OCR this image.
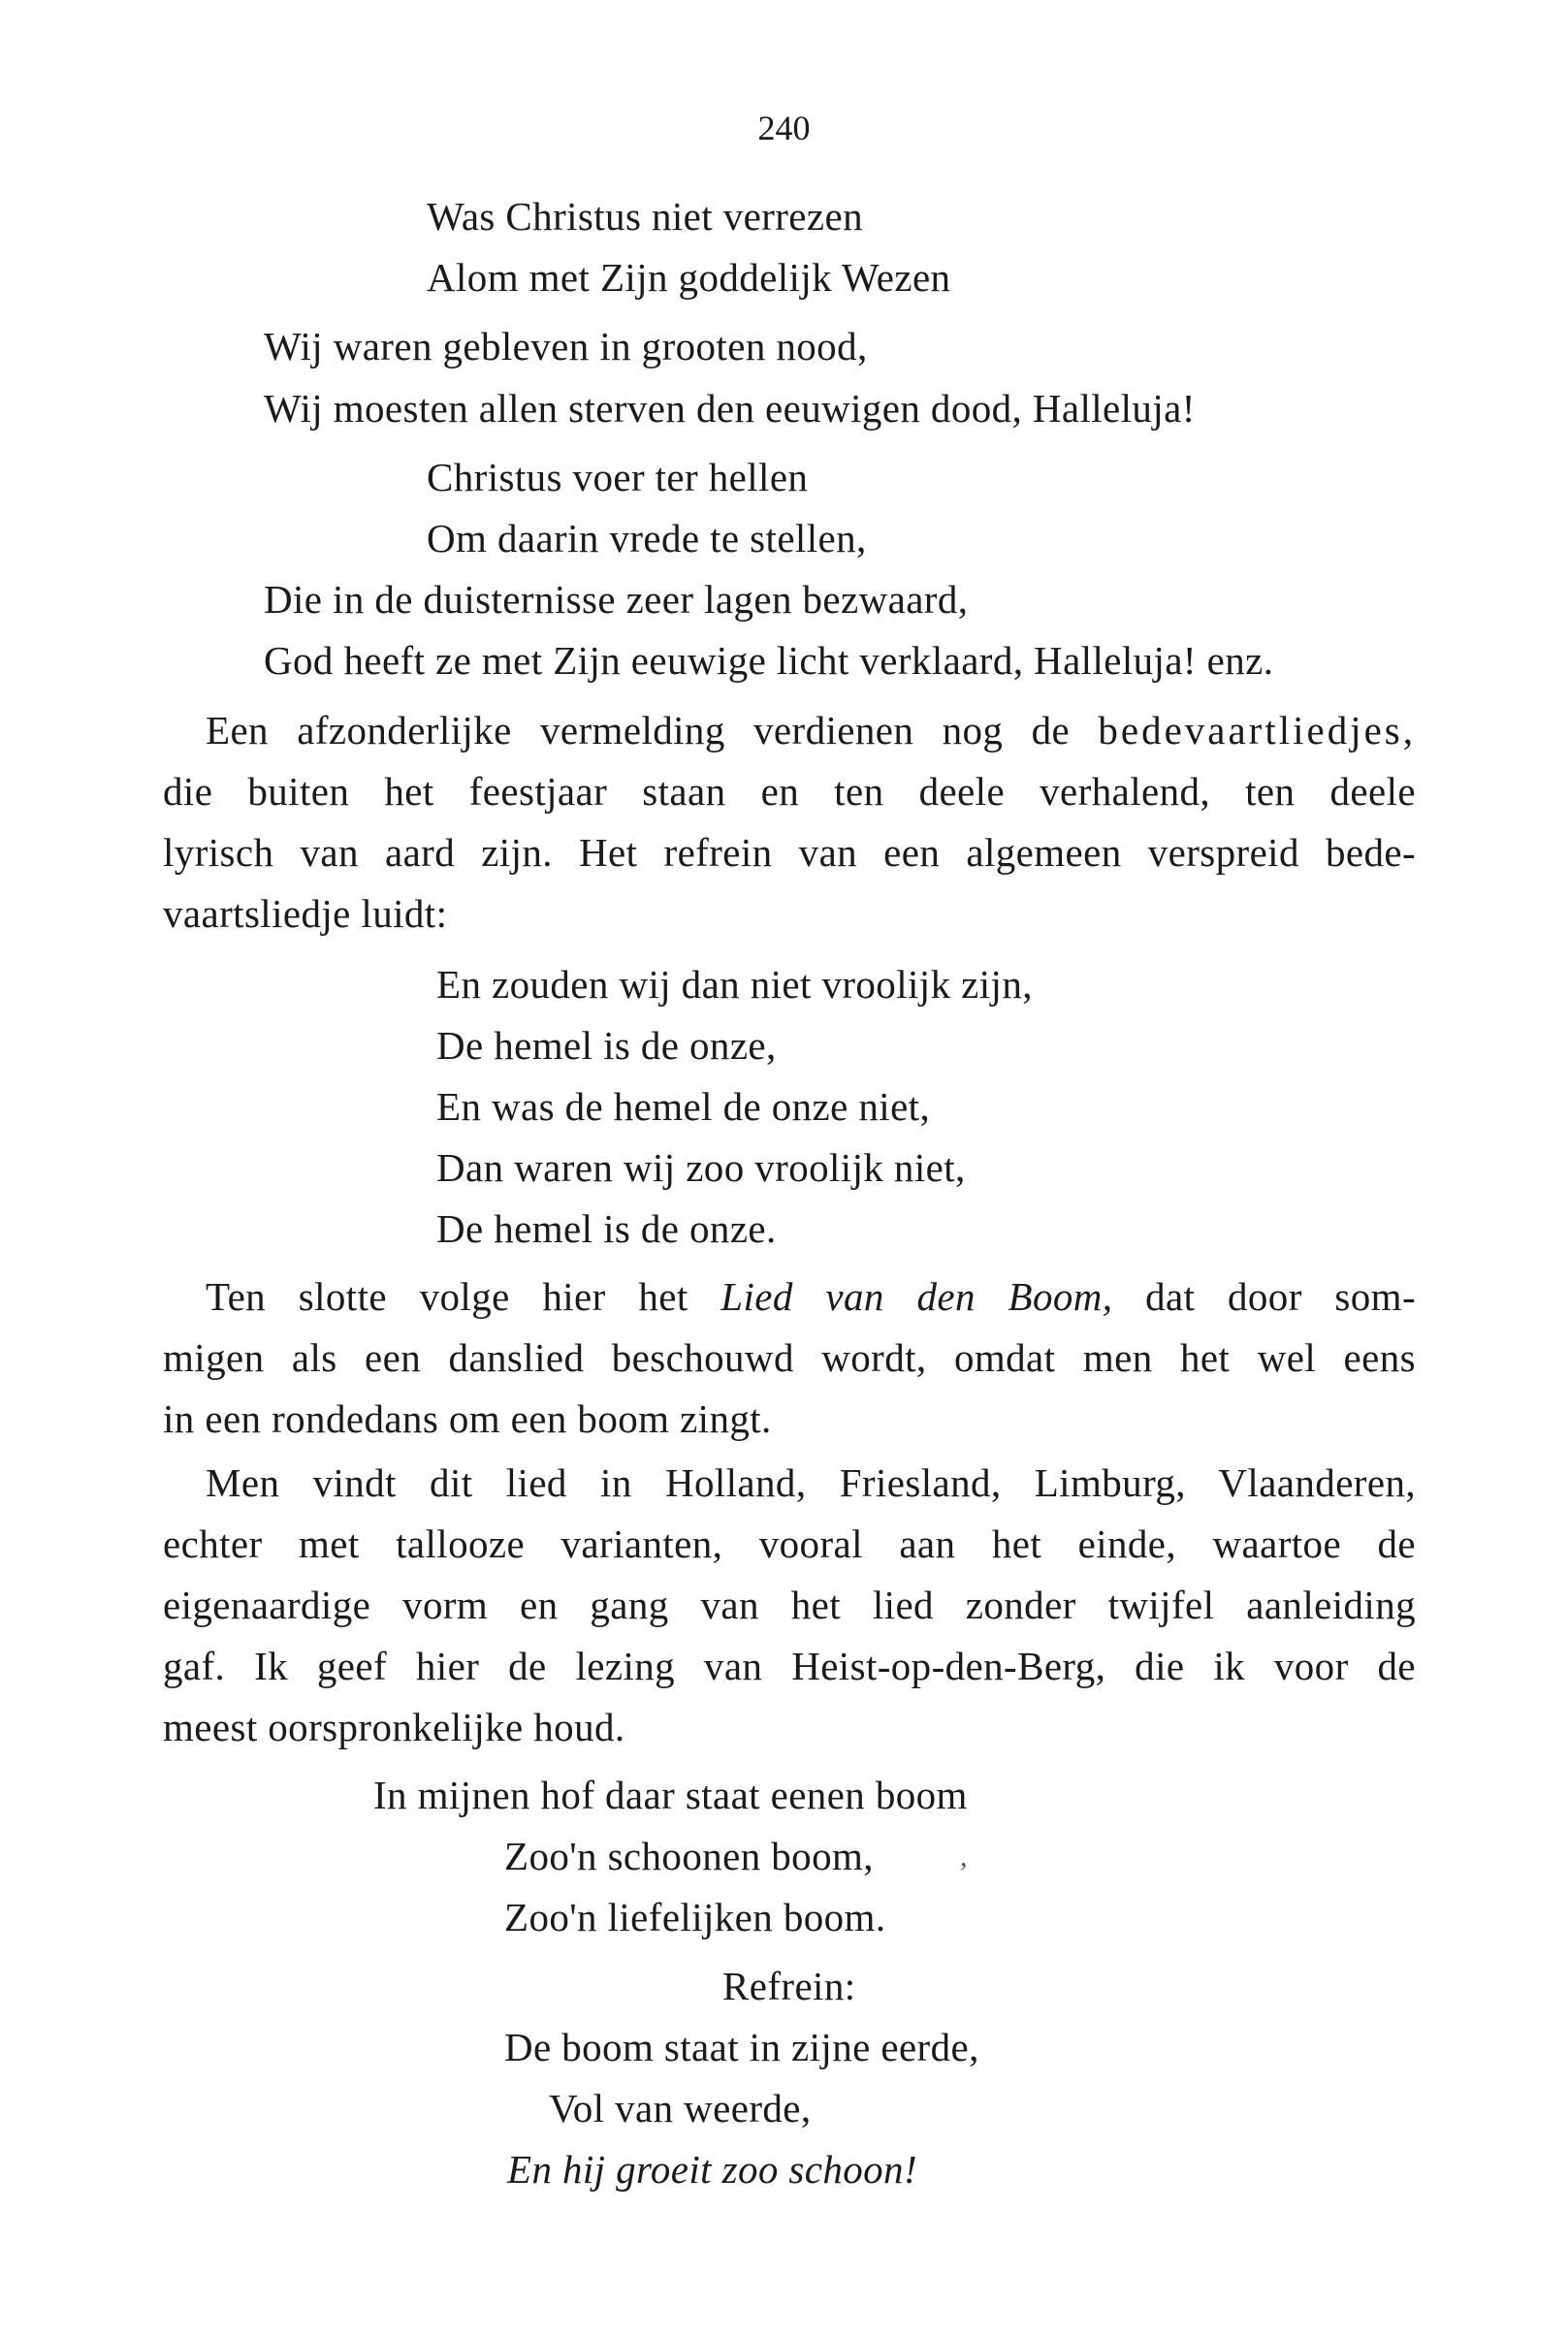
240
Was Christus niet verrezen
Alom met Zijn goddelijk Wezen
Wij waren gebleven in grooten nood,
Wij moesten allen sterven den eeuwigen dood, Halleluja!
Christus voer ter hellen
Om daarin vrede te stellen,
Die in de duisternisse zeer lagen bezwaard,
God heeft ze met Zijn eeuwige licht verklaard, Halleluja! enz.
Een afzonderlijke vermelding verdienen nog de bedevaartliedjes,
die buiten het feestjaar staan en ten deele verhalend, ten deele
lyrisch van aard zijn. Het refrein van een algemeen verspreid bede-
vaartsliedje luidt:
En zouden wij dan niet vroolijk zijn,
De hemel is de onze,
En was de hemel de onze niet,
Dan waren wij zoo vroolijk niet,
De hemel is de onze.
Ten slotte volge hier het Lied van den Boom, dat door som-
migen als een danslied beschouwd wordt, omdat men het wel eens
in een rondedans om een boom zingt.
Men vindt dit lied in Holland, Friesland, Limburg, Vlaanderen,
echter met tallooze varianten, vooral aan het einde, waartoe de
eigenaardige vorm en gang van het lied zonder twijfel aanleiding
gaf. Ik geef hier de lezing van Heist-op-den-Berg, die ik voor de
meest oorspronkelijke houd.
In mijnen hof daar staat eenen boom
Zoo'n schoonen boom,	,
Zoo'n liefelijken boom.
Refrein:
De boom staat in zijne eerde,
Vol van weerde,
En hij groeit zoo schoon!
